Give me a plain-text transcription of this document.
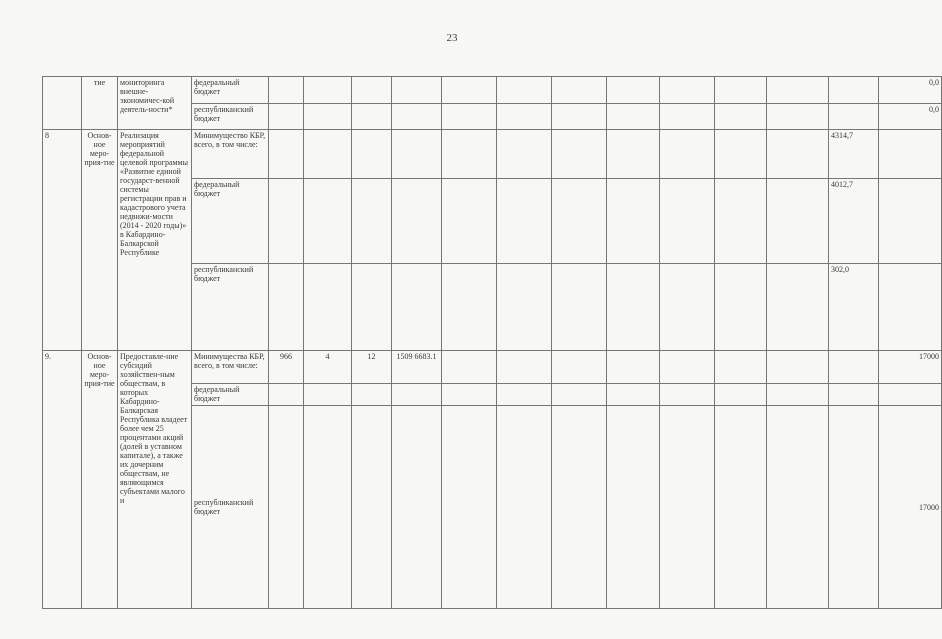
23
	тие	мониторинга внешне-экономичес-кой деятель-ности*	федеральный бюджет													0,0
			республиканский бюджет													0,0
8	Основ-ное меро-прия-тие	Реализация мероприятий федеральной целевой программы «Развитие единой государст-венной системы регистрации прав и кадастрового учета недвижи-мости (2014 - 2020 годы)» в Кабардино-Балкарской Республике	Минимущество КБР, всего, в том числе:												4314,7	
			федеральный бюджет												4012,7	
			республиканский бюджет												302,0	
9.	Основ-ное меро-прия-тие	Предоставле-ние субсидий хозяйствен-ным обществам, в которых Кабардино-Балкарская Республика владеет более чем 25 процентами акций (долей в уставном капитале), а также их дочерним обществам, не являющимся субъектами малого и	Минимущества КБР, всего, в том числе:	966	4	12	1509 6683.1									17000
			федеральный бюджет													
			республиканский бюджет													17000
